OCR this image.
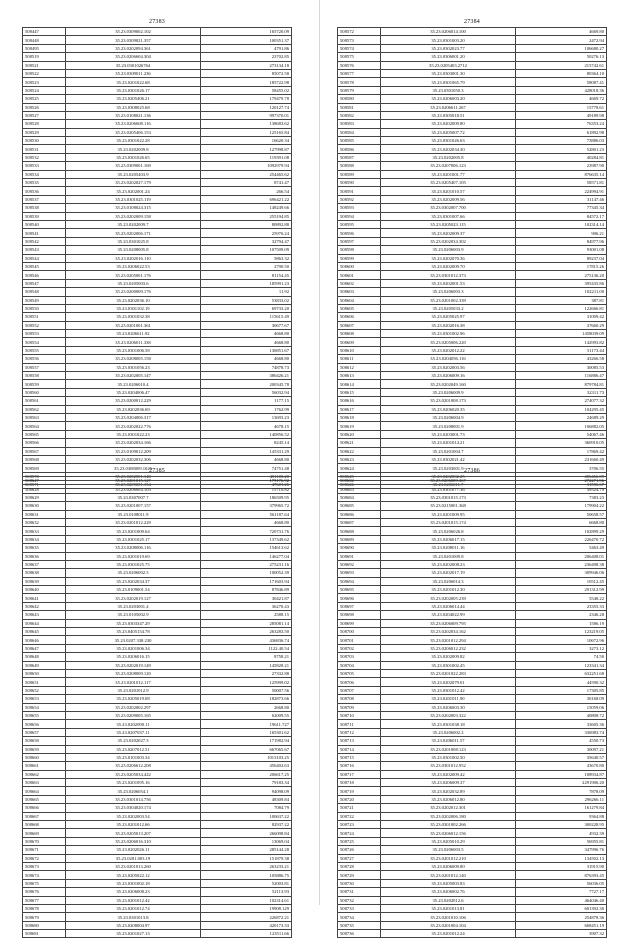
27383
508447	35.23.0309002.102	165720.09
508448	35.23.0309021.357	100351.37
508495	35.23.0202094.361	4791.86
508519	35.23.0206604.304	23702.85
508521	35.23.0301026764	273134.18
508522	35.23.0309011.236	85072.58
508523	35.23.0201022.68	185722.98
508524	35.23.0301026.17	58455.02
508525	35.23.0205406.21	179479.78
508526	35.23.0308025.68	120127.74
508527	35.23.0108021.136	997370.01
508528	35.23.0206608.116	138683.62
508529	35.23.0205406.153	125165.84
508530	35.23.0301022.28	16620.34
508531	35.23.0202009.8	127998.87
508532	35.23.0301026.65	119391.08
508533	35.23.0309001.169	1092979.94
508534	35.23.0205403.9	254465.62
508535	35.23.0202027.179	8741.47
508536	35.23.0202001.24	266.54
508537	35.23.0301025.119	696421.22
508538	35.23.0108024.315	148249.66
508539	35.23.0202009.158	255194.85
508540	35.23.0202009.7	80892.88
508541	35.23.0202006.171	25976.24
508542	35.23.0301025.8	32794.47
508543	35.23.0208005.8	107509.09
508544	35.23.0202016.110	5863.32
508545	35.23.0206022.53	2790.50
508546	35.23.0205001.176	81154.45
508547	35.23.0205003.6	185991.23
508548	35.23.0200009.176	11.92
508549	35.23.0202036.10	53833.02
508550	35.23.0301102.19	69733.20
508551	35.23.0301032.38	115615.49
508552	35.23.0201001.361	30677.67
508553	35.23.0206611.92	4668.80
508554	35.23.0206011.338	4668.80
508555	35.23.0301006.58	130851.67
508556	35.23.0208005.158	4668.80
508557	35.23.0301056.23	74878.73
508558	35.23.0202005.147	386426.21
508559	35.23.0206010.4	200345.78
508560	35.23.0204006.47	56032.94
508561	35.23.0200012.229	1177.15
508562	35.23.0202036.69	1762.99
508563	35.23.0204006.317	13693.23
508564	35.23.0202022.776	4678.15
508565	35.23.0301022.23	140856.52
508566	35.23.0202034.166	8245.14
508567	35.23.0109012.209	145331.29
508568	35.23.0202032.306	4668.80
508569	35.23.0308009.1026	74751.48
508570	35.23.0202001.140	451105.20
508571	35.23.0209001.154	47601.26
27384
508572	35.23.0206014.100	4669.80
508573	35.23.0301003.20	2472.94
508574	35.23.0302023.77	106680.27
508575	35.23.0306001.20	50276.13
508576	35.23.0205403.2712	215742.61
508577	35.23.0303001.30	80364.10
508578	35.23.0301065.79	58087.41
508579	35.23.0301050.3	428018.36
508580	35.23.0206003.20	4669.72
508581	35.23.0206611.267	15778.61
508582	35.23.0305018.51	49189.98
508583	35.23.0202009.80	76353.24
508584	35.23.0205007.72	61892.98
508585	35.23.0301026.63	73886.03
508586	35.23.0202034.30	52801.23
508587	35.23.0202005.8	40284.81
508588	35.23.0207006.123	23987.90
508589	35.23.0201001.77	876635.14
508590	35.23.0205407.105	58571.81
508591	35.23.0201010.57	224994.91
508592	35.23.0202009.56	31147.46
508593	35.23.0302007.700	77345.34
508594	35.23.0301007.66	84572.17
508595	35.23.0205023.115	102314.14
508596	35.23.0202009.37	906.21
508597	35.23.0202034.302	84977.96
508598	35.23.0206003.9	93001.08
508599	35.23.0202070.36	89237.04
508600	35.23.0202009.70	17815.26
508601	35.23.0301012.373	275136.20
508602	35.23.0202001.53	395435.86
508603	35.23.0206003.3	102211.00
508604	35.23.0201002.339	387.81
508605	35.23.0205033.2	122666.81
508606	35.23.0205025.97	31009.42
508607	35.23.0202016.38	37660.29
508608	35.23.0301002.96	1458039.09
508609	35.23.0205006.220	142993.82
508610	35.23.0202012.22	51173.44
508611	35.23.0204056.116	43266.58
508612	35.23.0202003.56	30085.53
508613	35.23.0206009.16	116886.47
508614	35.23.0202049.160	879784.81
508615	35.23.0206009.9	32311.73
508616	35.23.0201008.173	274077.32
508617	35.23.0206020.35	104295.45
508618	35.23.0206004.9	24689.29
508619	35.23.0208001.9	106882.05
508620	35.23.0203001.73	54067.46
508621	35.23.0201014.21	360910.05
508622	35.23.0201004.7	17869.42
508623	35.23.0302021.42	231660.49
508624	35.23.0203001.9	3706.55
508625	35.23.0202002.25	406466.09
508626	35.23.0206011.7	31596.67
27385
508627	35.23.0201015.127	179176.92
508628	35.23.0206004.103	15710.82
508629	35.23.0307007.7	186509.95
508630	35.23.0201007.157	379965.72
508631	35.23.0108011.9	561187.64
508632	35.23.0201012.229	4668.80
508633	35.23.0201009.64	720731.76
508634	35.23.0301025.17	137349.62
508635	35.23.0208006.116	154613.62
508636	35.23.0201019.69	146277.04
508637	35.23.0301025.75	275231.16
508638	35.23.0206002.5	100052.39
508639	35.23.0202034.37	171603.94
508640	35.23.0109001.54	87846.89
508641	35.23.0202019.127	30421.87
508642	35.23.0203001.4	36270.43
508643	35.23.0105002.9	2588.15
508644	35.23.0303347.29	285081.14
508645	35.23.0405154.78	263283.50
508646	35.23.0207.338.230	436836.74
508647	35.23.0201006.34	1122.40.54
508648	35.23.0206016.15	8758.21
508649	35.23.0202019.149	145828.21
508650	35.23.0208009.120	27332.88
508651	35.23.0201012.117	125999.02
508652	35.23.0201012.9	50007.56
508653	35.23.0205019.08	182873.66
508654	35.23.0202002.297	2668.80
508655	35.23.0209005.165	62009.55
508656	35.23.0202090.11	19611.727
508657	35.23.0207037.11	165301.62
508658	35.23.0202027.3	171982.94
508659	35.23.0207012.51	667065.67
508660	35.23.0101003.34	1013103.25
508661	35.23.0206612.208	456402.63
508662	35.23.0205034.422	206617.25
508663	35.23.0201095.16	79183.34
508664	35.23.0206054.1	94098.09
508665	35.23.0301014.756	48309.84
508666	35.23.0304020.174	7084.79
508667	35.23.0202003.54	100637.22
508668	35.23.0201012.66	82937.22
508669	35.23.0205013.207	266098.84
508670	35.23.0206016.310	13069.04
508671	35.23.0202026.11	285144.28
508672	35.23.0201.003.19	151879.38
508673	35.23.0201013.260	263233.21
508674	35.23.0205022.12	105886.75
508675	35.23.0301002.18	52003.81
508676	35.23.0206008.23	52113.93
508677	35.23.0201012.42	102314.61
508678	35.23.0201012.74	19908.129
508679	35.23.0301013.8	226872.21
508680	35.23.0208004.97	420173.33
508681	35.23.0201027.13	123511.66
27386
508682	35.23.0206009.367	272271.96
508683	35.23.0301077.36	39524.79
508684	35.23.0301015.173	7383.23
508685	35.23.0215001.368	179904.22
508686	35.23.0201009.95	50658.57
508687	35.23.0201015.174	6668.80
508688	35.23.0206026.8	102899.29
508689	35.23.0206017.15	226470.72
508690	35.23.0208011.16	5463.49
508691	35.23.0201009.8	206408.01
508692	35.23.0202008.23	236498.38
508693	35.23.0202017.19	309946.06
508694	35.23.0206014.3	10512.45
508695	35.23.0201012.30	291312.99
508696	35.23.0202005.239	5548.22
508697	35.23.0206014.44	23355.33
508698	35.23.0204022.99	2346.28
508699	35.23.0206009.795	1586.19
508700	35.23.0202034.162	123219.05
508701	35.23.0201012.294	10672.96
508702	35.23.0206012.232	3273.12
508703	35.23.0202009.82	74.50
508704	35.23.0301002.45	123341.34
508705	35.23.0201022.283	632251.68
508706	35.23.0202079.01	44590.32
508707	35.23.0301012.42	17305.85
508708	35.23.0201011.90	30168.09
508709	35.23.0206003.30	15059.06
508710	35.23.0202003.322	40808.72
508711	35.23.0301038.18	33605.36
508712	35.23.0206002.2	336983.74
508713	35.23.0206011.57	4550.73
508714	35.23.0201008.123	30097.21
508715	35.23.0301002.50	35640.57
508716	35.23.0301012.952	43670.80
508717	35.23.0202009.42	108934.87
508718	35.23.0206009.37	2291906.20
508719	35.23.0202032.89	7878.09
508720	35.23.0206012.80	296266.11
508721	35.23.0202012.301	161279.84
508722	35.23.0202006.180	9364.88
508723	35.23.0301002.266	300228.95
508724	35.23.0206012.156	4932.39
508725	35.23.0205010.29	56955.81
508726	35.23.0206003.5	347996.76
508727	35.23.0201012.210	134502.13
508728	35.23.0206009.80	31915.90
508729	35.23.0201012.140	876393.45
508730	35.23.0205003.83	56036.05
508731	35.23.0206002.76	7727.17
508732	35.23.0202012.6	464046.40
508733	35.23.0201013.81	601392.30
508734	35.23.0201010.106	254878.36
508735	35.23.0201004.104	668451.19
508736	35.23.0201012.24	3907.32
